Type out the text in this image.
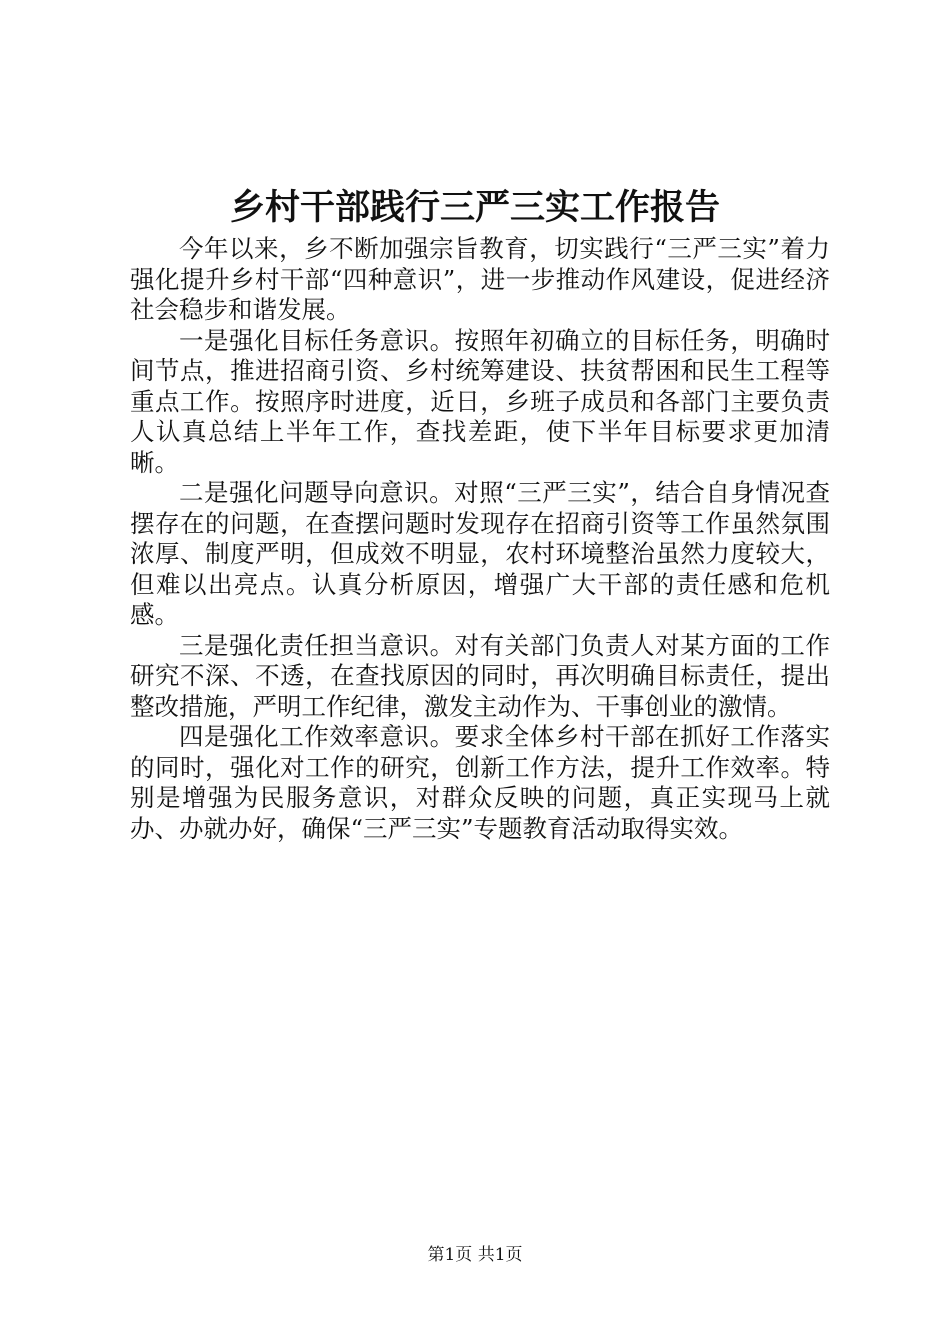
乡村干部践行三严三实工作报告

今年以来，乡不断加强宗旨教育，切实践行“三严三实”着力强化提升乡村干部“四种意识”，进一步推动作风建设，促进经济社会稳步和谐发展。

一是强化目标任务意识。按照年初确立的目标任务，明确时间节点，推进招商引资、乡村统筹建设、扶贫帮困和民生工程等重点工作。按照序时进度，近日，乡班子成员和各部门主要负责人认真总结上半年工作，查找差距，使下半年目标要求更加清晰。

二是强化问题导向意识。对照“三严三实”，结合自身情况查摆存在的问题，在查摆问题时发现存在招商引资等工作虽然氛围浓厚、制度严明，但成效不明显，农村环境整治虽然力度较大，但难以出亮点。认真分析原因，增强广大干部的责任感和危机感。

三是强化责任担当意识。对有关部门负责人对某方面的工作研究不深、不透，在查找原因的同时，再次明确目标责任，提出整改措施，严明工作纪律，激发主动作为、干事创业的激情。

四是强化工作效率意识。要求全体乡村干部在抓好工作落实的同时，强化对工作的研究，创新工作方法，提升工作效率。特别是增强为民服务意识，对群众反映的问题，真正实现马上就办、办就办好，确保“三严三实”专题教育活动取得实效。

第1页 共1页
